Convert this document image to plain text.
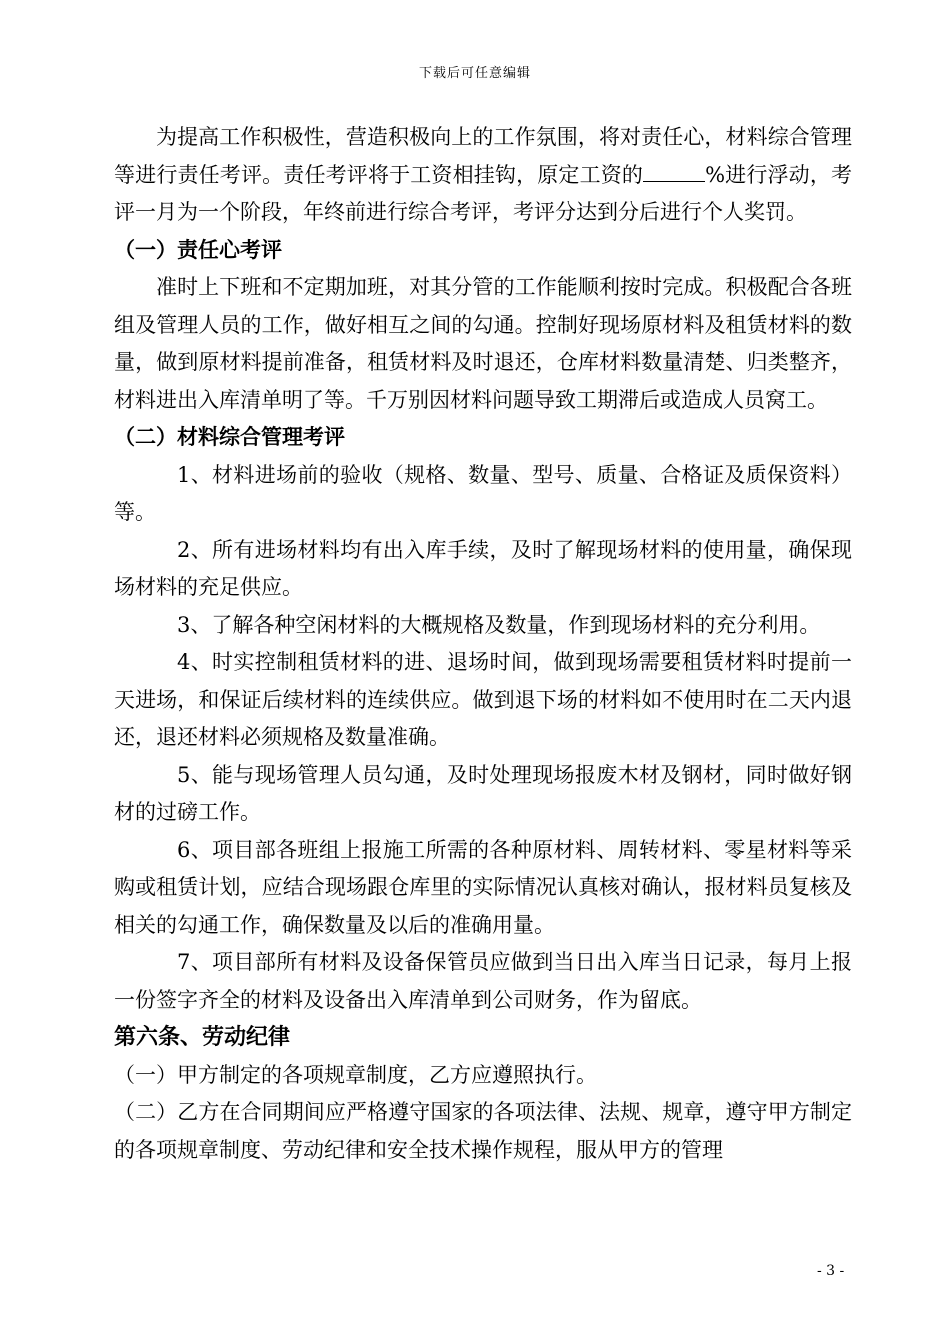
下载后可任意编辑

为提高工作积极性，营造积极向上的工作氛围，将对责任心，材料综合管理等进行责任考评。责任考评将于工资相挂钩，原定工资的	%进行浮动，考评一月为一个阶段，年终前进行综合考评，考评分达到分后进行个人奖罚。

（一）责任心考评

准时上下班和不定期加班，对其分管的工作能顺利按时完成。积极配合各班组及管理人员的工作，做好相互之间的勾通。控制好现场原材料及租赁材料的数量，做到原材料提前准备，租赁材料及时退还，仓库材料数量清楚、归类整齐，材料进出入库清单明了等。千万别因材料问题导致工期滞后或造成人员窝工。

（二）材料综合管理考评

1、材料进场前的验收（规格、数量、型号、质量、合格证及质保资料）等。

2、所有进场材料均有出入库手续，及时了解现场材料的使用量，确保现场材料的充足供应。

3、了解各种空闲材料的大概规格及数量，作到现场材料的充分利用。

4、时实控制租赁材料的进、退场时间，做到现场需要租赁材料时提前一天进场，和保证后续材料的连续供应。做到退下场的材料如不使用时在二天内退还，退还材料必须规格及数量准确。

5、能与现场管理人员勾通，及时处理现场报废木材及钢材，同时做好钢材的过磅工作。

6、项目部各班组上报施工所需的各种原材料、周转材料、零星材料等采购或租赁计划，应结合现场跟仓库里的实际情况认真核对确认，报材料员复核及相关的勾通工作，确保数量及以后的准确用量。

7、项目部所有材料及设备保管员应做到当日出入库当日记录，每月上报一份签字齐全的材料及设备出入库清单到公司财务，作为留底。

第六条、劳动纪律

（一）甲方制定的各项规章制度，乙方应遵照执行。

（二）乙方在合同期间应严格遵守国家的各项法律、法规、规章，遵守甲方制定的各项规章制度、劳动纪律和安全技术操作规程，服从甲方的管理

- 3 -
